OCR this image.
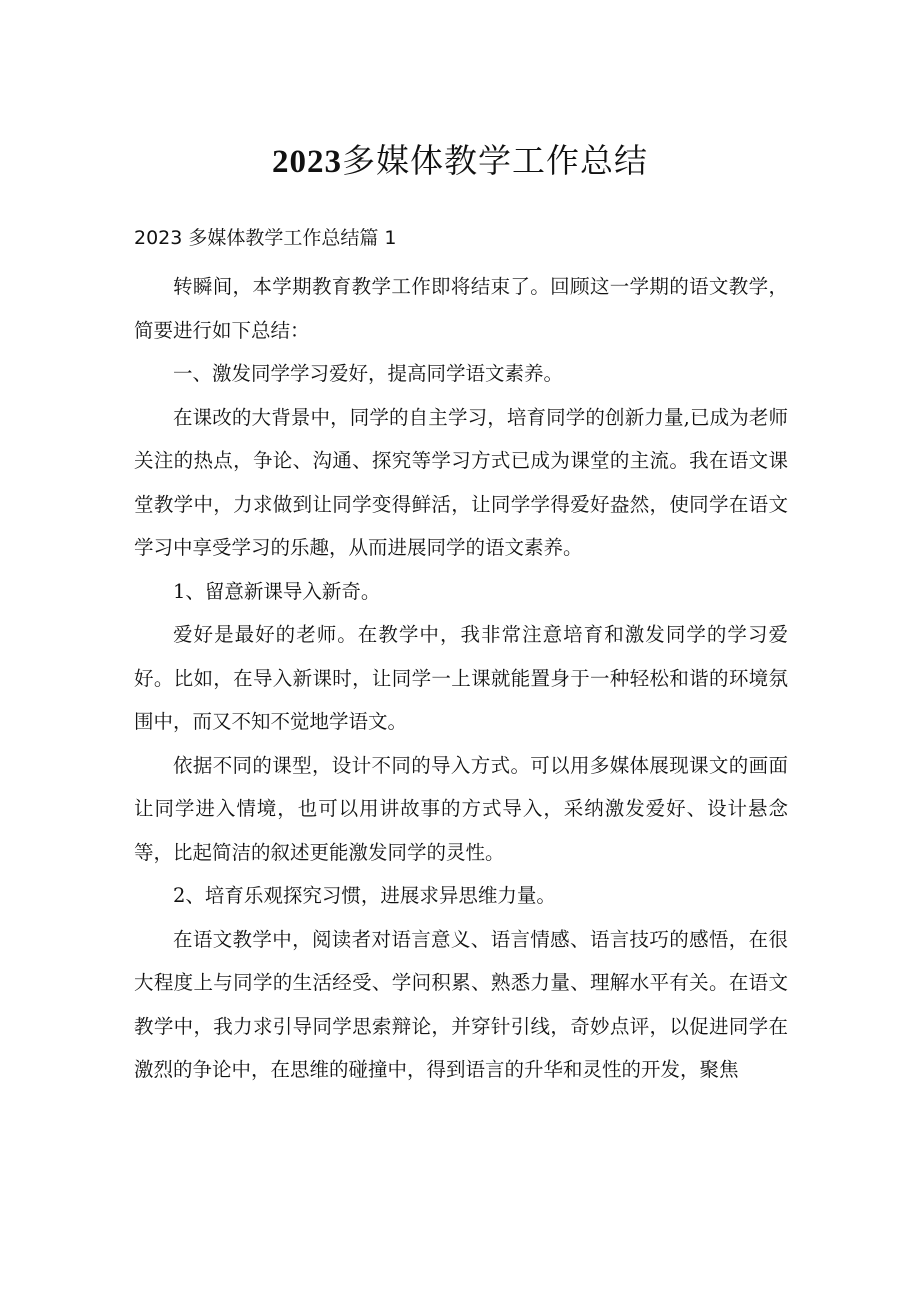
2023多媒体教学工作总结

2023 多媒体教学工作总结篇 1

转瞬间，本学期教育教学工作即将结束了。回顾这一学期的语文教学，简要进行如下总结：

一、激发同学学习爱好，提高同学语文素养。

在课改的大背景中，同学的自主学习，培育同学的创新力量,已成为老师关注的热点，争论、沟通、探究等学习方式已成为课堂的主流。我在语文课堂教学中，力求做到让同学变得鲜活，让同学学得爱好盎然，使同学在语文学习中享受学习的乐趣，从而进展同学的语文素养。

1、留意新课导入新奇。

爱好是最好的老师。在教学中，我非常注意培育和激发同学的学习爱好。比如，在导入新课时，让同学一上课就能置身于一种轻松和谐的环境氛围中，而又不知不觉地学语文。

依据不同的课型，设计不同的导入方式。可以用多媒体展现课文的画面让同学进入情境，也可以用讲故事的方式导入，采纳激发爱好、设计悬念等，比起简洁的叙述更能激发同学的灵性。

2、培育乐观探究习惯，进展求异思维力量。

在语文教学中，阅读者对语言意义、语言情感、语言技巧的感悟，在很大程度上与同学的生活经受、学问积累、熟悉力量、理解水平有关。在语文教学中，我力求引导同学思索辩论，并穿针引线，奇妙点评，以促进同学在激烈的争论中，在思维的碰撞中，得到语言的升华和灵性的开发，聚焦
